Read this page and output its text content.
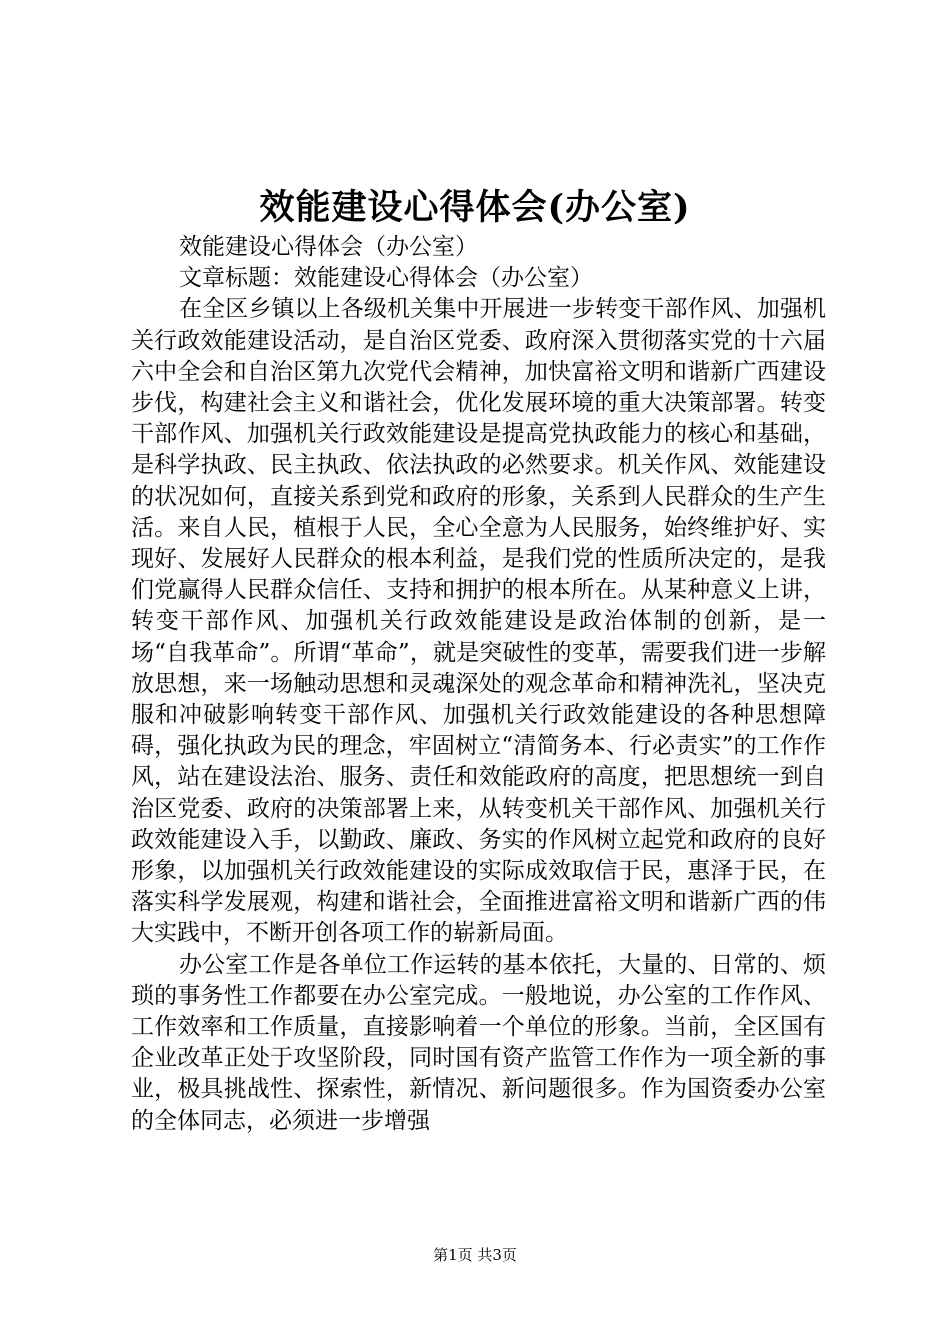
效能建设心得体会(办公室)

效能建设心得体会（办公室）

文章标题：效能建设心得体会（办公室）

在全区乡镇以上各级机关集中开展进一步转变干部作风、加强机关行政效能建设活动，是自治区党委、政府深入贯彻落实党的十六届六中全会和自治区第九次党代会精神，加快富裕文明和谐新广西建设步伐，构建社会主义和谐社会，优化发展环境的重大决策部署。转变干部作风、加强机关行政效能建设是提高党执政能力的核心和基础，是科学执政、民主执政、依法执政的必然要求。机关作风、效能建设的状况如何，直接关系到党和政府的形象，关系到人民群众的生产生活。来自人民，植根于人民，全心全意为人民服务，始终维护好、实现好、发展好人民群众的根本利益，是我们党的性质所决定的，是我们党赢得人民群众信任、支持和拥护的根本所在。从某种意义上讲，转变干部作风、加强机关行政效能建设是政治体制的创新，是一场“自我革命”。所谓“革命”，就是突破性的变革，需要我们进一步解放思想，来一场触动思想和灵魂深处的观念革命和精神洗礼，坚决克服和冲破影响转变干部作风、加强机关行政效能建设的各种思想障碍，强化执政为民的理念，牢固树立“清简务本、行必责实”的工作作风，站在建设法治、服务、责任和效能政府的高度，把思想统一到自治区党委、政府的决策部署上来，从转变机关干部作风、加强机关行政效能建设入手，以勤政、廉政、务实的作风树立起党和政府的良好形象，以加强机关行政效能建设的实际成效取信于民，惠泽于民，在落实科学发展观，构建和谐社会，全面推进富裕文明和谐新广西的伟大实践中，不断开创各项工作的崭新局面。

办公室工作是各单位工作运转的基本依托，大量的、日常的、烦琐的事务性工作都要在办公室完成。一般地说，办公室的工作作风、工作效率和工作质量，直接影响着一个单位的形象。当前，全区国有企业改革正处于攻坚阶段，同时国有资产监管工作作为一项全新的事业，极具挑战性、探索性，新情况、新问题很多。作为国资委办公室的全体同志，必须进一步增强

第1页 共3页
